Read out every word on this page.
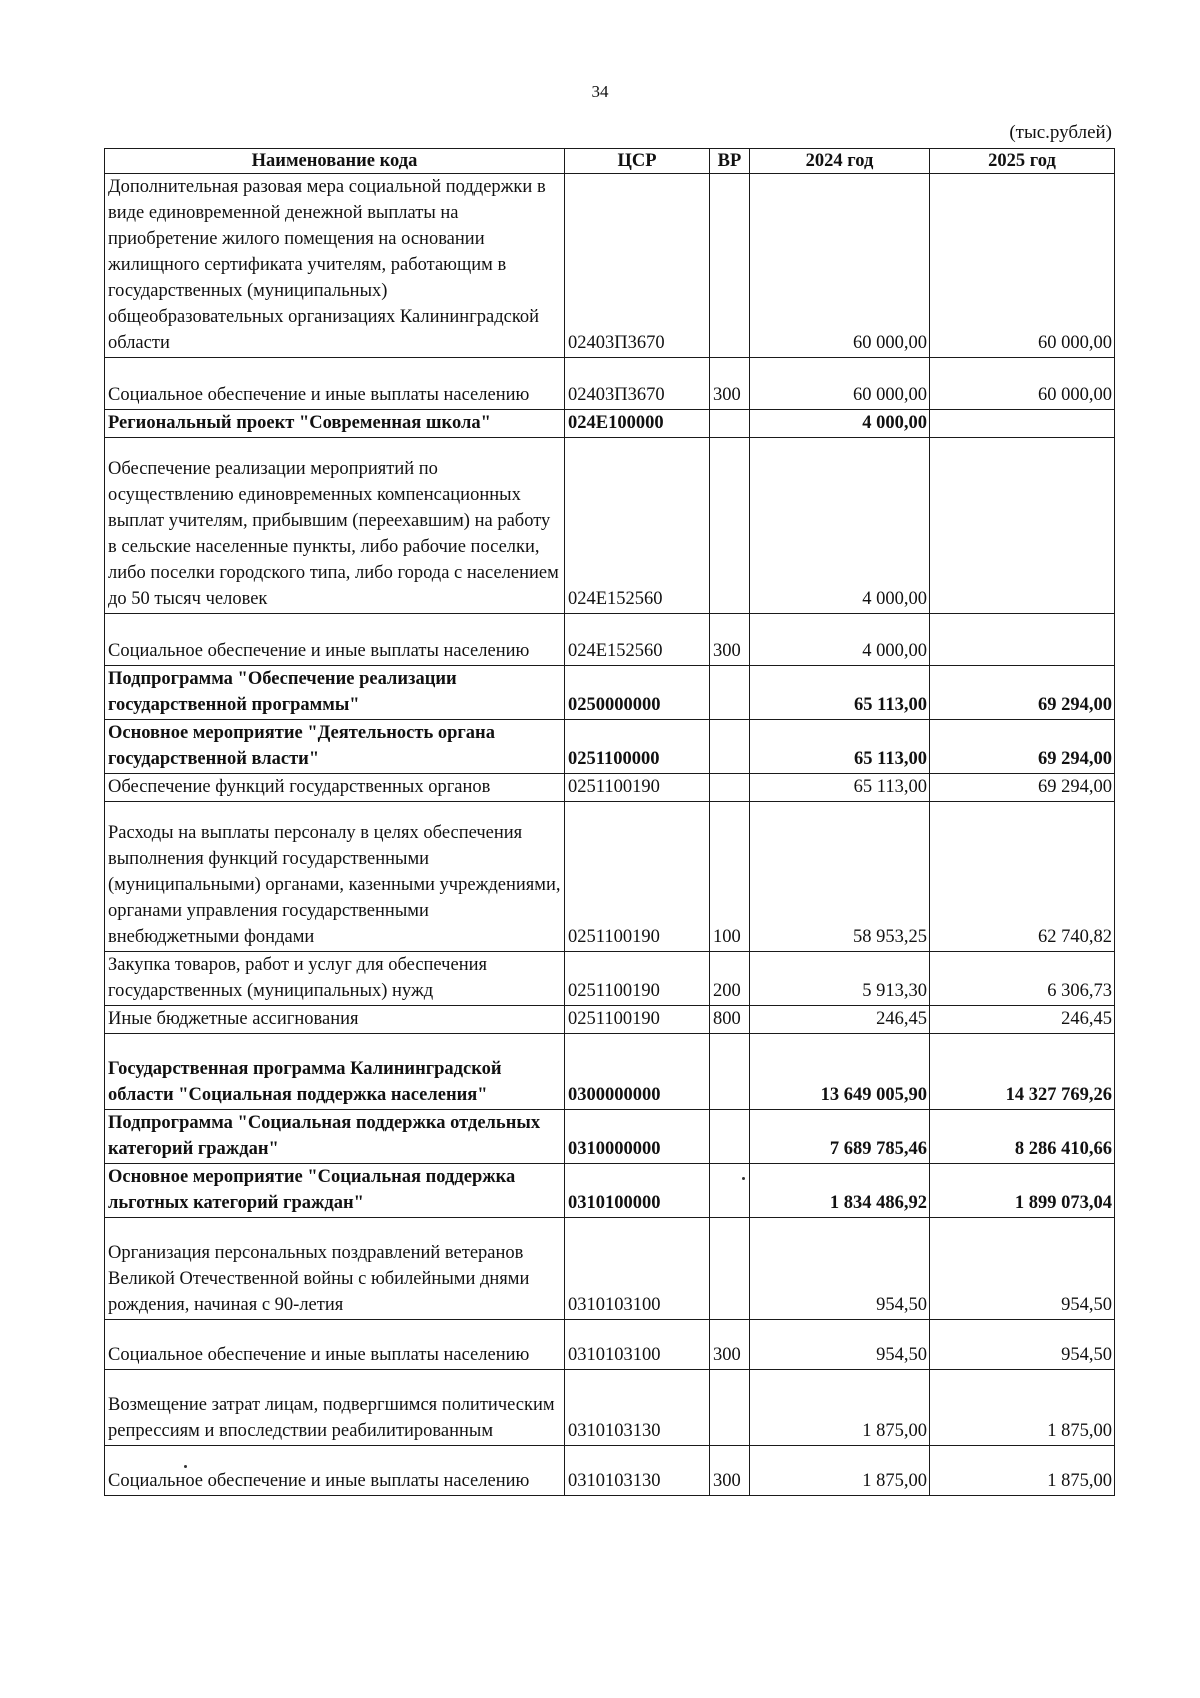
34
(тыс.рублей)
Наименование кода	ЦСР	ВР	2024 год	2025 год
Дополнительная разовая мера социальной поддержки в виде единовременной денежной выплаты на приобретение жилого помещения на основании жилищного сертификата учителям, работающим в государственных (муниципальных) общеобразовательных организациях Калининградской области	02403П3670		60 000,00	60 000,00
Социальное обеспечение и иные выплаты населению	02403П3670	300	60 000,00	60 000,00
Региональный проект "Современная школа"	024Е100000		4 000,00	
Обеспечение реализации мероприятий по осуществлению единовременных компенсационных выплат учителям, прибывшим (переехавшим) на работу в сельские населенные пункты, либо рабочие поселки, либо поселки городского типа, либо города с населением до 50 тысяч человек	024Е152560		4 000,00	
Социальное обеспечение и иные выплаты населению	024Е152560	300	4 000,00	
Подпрограмма "Обеспечение реализации государственной программы"	0250000000		65 113,00	69 294,00
Основное мероприятие "Деятельность органа государственной власти"	0251100000		65 113,00	69 294,00
Обеспечение функций государственных органов	0251100190		65 113,00	69 294,00
Расходы на выплаты персоналу в целях обеспечения выполнения функций государственными (муниципальными) органами, казенными учреждениями, органами управления государственными внебюджетными фондами	0251100190	100	58 953,25	62 740,82
Закупка товаров, работ и услуг для обеспечения государственных (муниципальных) нужд	0251100190	200	5 913,30	6 306,73
Иные бюджетные ассигнования	0251100190	800	246,45	246,45
Государственная программа Калининградской области "Социальная поддержка населения"	0300000000		13 649 005,90	14 327 769,26
Подпрограмма "Социальная поддержка отдельных категорий граждан"	0310000000		7 689 785,46	8 286 410,66
Основное мероприятие "Социальная поддержка льготных категорий граждан"	0310100000		1 834 486,92	1 899 073,04
Организация персональных поздравлений ветеранов Великой Отечественной войны с юбилейными днями рождения, начиная с 90-летия	0310103100		954,50	954,50
Социальное обеспечение и иные выплаты населению	0310103100	300	954,50	954,50
Возмещение затрат лицам, подвергшимся политическим репрессиям и впоследствии реабилитированным	0310103130		1 875,00	1 875,00
Социальное обеспечение и иные выплаты населению	0310103130	300	1 875,00	1 875,00
